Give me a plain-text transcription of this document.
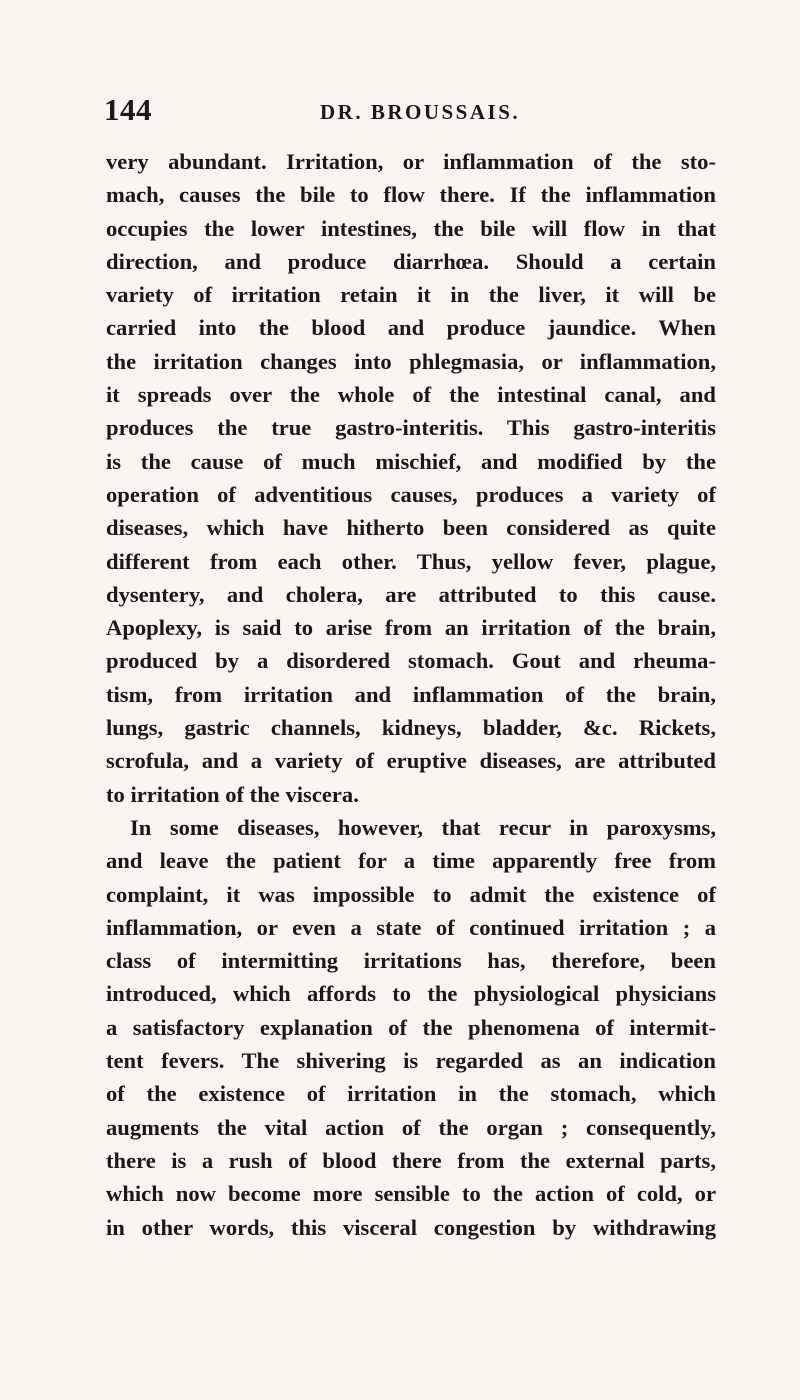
144	DR. BROUSSAIS.
very abundant. Irritation, or inflammation of the sto-
mach, causes the bile to flow there. If the inflammation
occupies the lower intestines, the bile will flow in that
direction, and produce diarrhœa. Should a certain
variety of irritation retain it in the liver, it will be
carried into the blood and produce jaundice. When
the irritation changes into phlegmasia, or inflammation,
it spreads over the whole of the intestinal canal, and
produces the true gastro-interitis. This gastro-interitis
is the cause of much mischief, and modified by the
operation of adventitious causes, produces a variety of
diseases, which have hitherto been considered as quite
different from each other. Thus, yellow fever, plague,
dysentery, and cholera, are attributed to this cause.
Apoplexy, is said to arise from an irritation of the brain,
produced by a disordered stomach. Gout and rheuma-
tism, from irritation and inflammation of the brain,
lungs, gastric channels, kidneys, bladder, &c. Rickets,
scrofula, and a variety of eruptive diseases, are attributed
to irritation of the viscera.
In some diseases, however, that recur in paroxysms,
and leave the patient for a time apparently free from
complaint, it was impossible to admit the existence of
inflammation, or even a state of continued irritation ; a
class of intermitting irritations has, therefore, been
introduced, which affords to the physiological physicians
a satisfactory explanation of the phenomena of intermit-
tent fevers. The shivering is regarded as an indication
of the existence of irritation in the stomach, which
augments the vital action of the organ ; consequently,
there is a rush of blood there from the external parts,
which now become more sensible to the action of cold, or
in other words, this visceral congestion by withdrawing
